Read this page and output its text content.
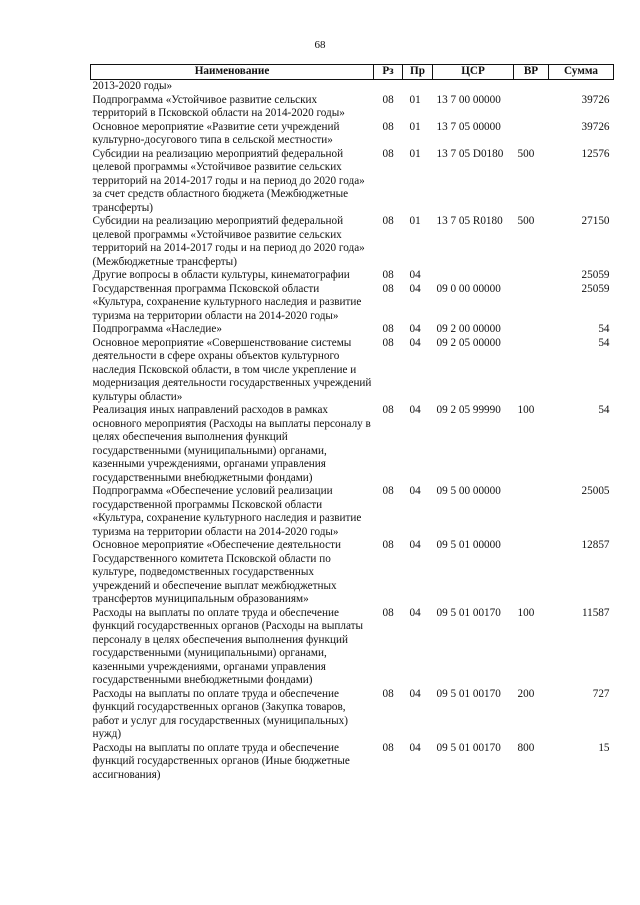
68
Наименование	Рз	Пр	ЦСР	ВР	Сумма
2013-2020 годы»					
Подпрограмма «Устойчивое развитие сельских территорий в Псковской области на 2014-2020 годы»	08	01	13 7 00 00000		39726
Основное мероприятие «Развитие сети учреждений культурно-досугового типа в сельской местности»	08	01	13 7 05 00000		39726
Субсидии на реализацию мероприятий федеральной целевой программы «Устойчивое развитие сельских территорий на 2014-2017 годы и на период до 2020 года» за счет средств областного бюджета (Межбюджетные трансферты)	08	01	13 7 05 D0180	500	12576
Субсидии на реализацию мероприятий федеральной целевой программы «Устойчивое развитие сельских территорий на 2014-2017 годы и на период до 2020 года» (Межбюджетные трансферты)	08	01	13 7 05 R0180	500	27150
Другие вопросы в области культуры, кинематографии	08	04			25059
Государственная программа Псковской области «Культура, сохранение культурного наследия и развитие туризма на территории области на 2014-2020 годы»	08	04	09 0 00 00000		25059
Подпрограмма «Наследие»	08	04	09 2 00 00000		54
Основное мероприятие «Совершенствование системы деятельности в сфере охраны объектов культурного наследия Псковской области, в том числе укрепление и модернизация деятельности государственных учреждений культуры области»	08	04	09 2 05 00000		54
Реализация иных направлений расходов в рамках основного мероприятия (Расходы на выплаты персоналу в целях обеспечения выполнения функций государственными (муниципальными) органами, казенными учреждениями, органами управления государственными внебюджетными фондами)	08	04	09 2 05 99990	100	54
Подпрограмма «Обеспечение условий реализации государственной программы Псковской области «Культура, сохранение культурного наследия и развитие туризма на территории области на 2014-2020 годы»	08	04	09 5 00 00000		25005
Основное мероприятие «Обеспечение деятельности Государственного комитета Псковской области по культуре, подведомственных государственных учреждений и обеспечение выплат межбюджетных трансфертов муниципальным образованиям»	08	04	09 5 01 00000		12857
Расходы на выплаты по оплате труда и обеспечение функций государственных органов (Расходы на выплаты персоналу в целях обеспечения выполнения функций государственными (муниципальными) органами, казенными учреждениями, органами управления государственными внебюджетными фондами)	08	04	09 5 01 00170	100	11587
Расходы на выплаты по оплате труда и обеспечение функций государственных органов (Закупка товаров, работ и услуг для государственных (муниципальных) нужд)	08	04	09 5 01 00170	200	727
Расходы на выплаты по оплате труда и обеспечение функций государственных органов (Иные бюджетные ассигнования)	08	04	09 5 01 00170	800	15
